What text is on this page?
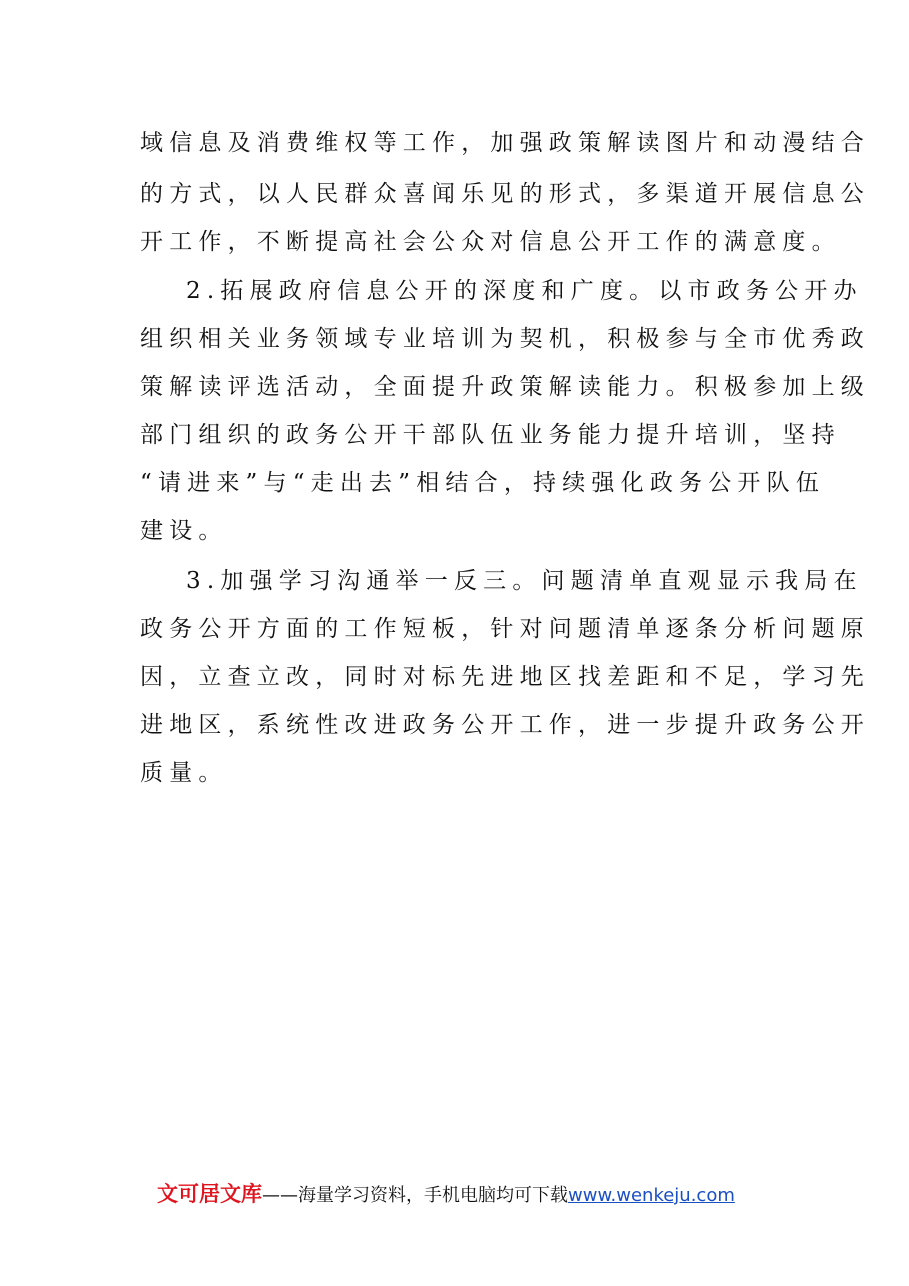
域信息及消费维权等工作，加强政策解读图片和动漫结合
的方式，以人民群众喜闻乐见的形式，多渠道开展信息公
开工作，不断提高社会公众对信息公开工作的满意度。
2.拓展政府信息公开的深度和广度。以市政务公开办
组织相关业务领域专业培训为契机，积极参与全市优秀政
策解读评选活动，全面提升政策解读能力。积极参加上级
部门组织的政务公开干部队伍业务能力提升培训，坚持
“请进来”与“走出去”相结合，持续强化政务公开队伍
建设。
3.加强学习沟通举一反三。问题清单直观显示我局在
政务公开方面的工作短板，针对问题清单逐条分析问题原
因，立查立改，同时对标先进地区找差距和不足，学习先
进地区，系统性改进政务公开工作，进一步提升政务公开
质量。
文可居文库——海量学习资料，手机电脑均可下载www.wenkeju.com
